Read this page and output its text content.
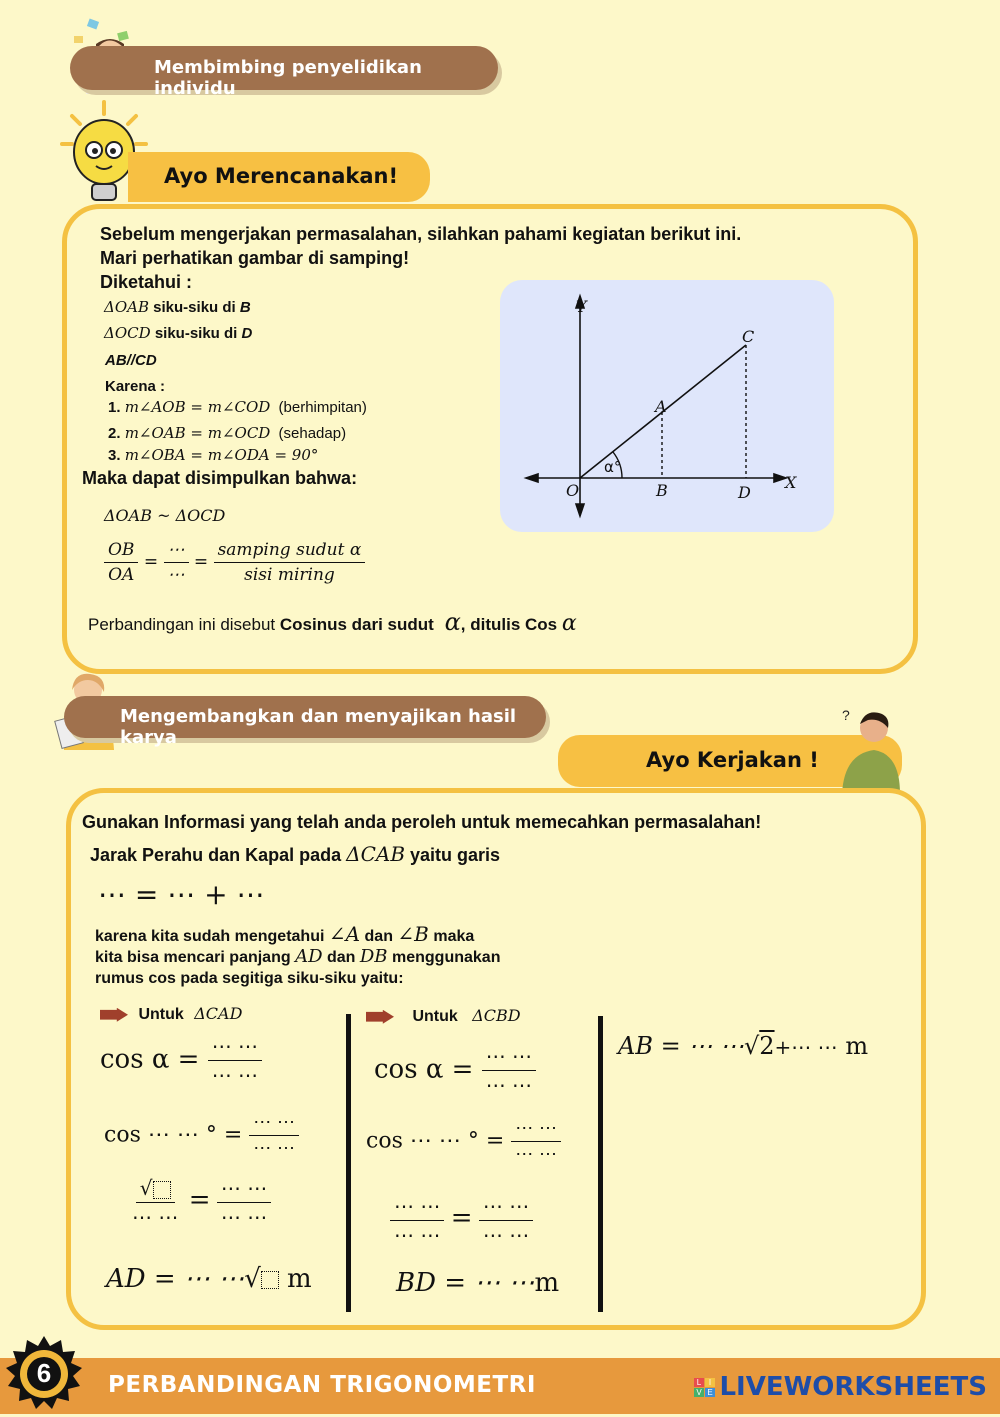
Membimbing penyelidikan individu
Ayo Merencanakan!
Sebelum mengerjakan permasalahan, silahkan pahami kegiatan berikut ini.
Mari perhatikan gambar di samping!
Diketahui :
ΔOAB siku-siku di B
ΔOCD siku-siku di D
AB//CD
Karena :
1. m∠AOB = m∠COD (berhimpitan)
2. m∠OAB = m∠OCD (sehadap)
3. m∠OBA = m∠ODA = 90°
Maka dapat disimpulkan bahwa:
ΔOAB ~ ΔOCD
$\frac{OB}{OA} = \frac{\cdots}{\cdots} = \frac{\text{samping sudut α}}{\text{sisi miring}}$
Perbandingan ini disebut Cosinus dari sudut α, ditulis Cos α
Y
X
O
A
B
C
D
α°
Mengembangkan dan menyajikan hasil karya
Ayo Kerjakan !
?
Gunakan Informasi yang telah anda peroleh untuk memecahkan permasalahan!
Jarak Perahu dan Kapal pada ΔCAB yaitu garis
⋯ = ⋯ + ⋯
karena kita sudah mengetahui ∠A dan ∠B maka
kita bisa mencari panjang AD dan DB menggunakan
rumus cos pada segitiga siku-siku yaitu:
Untuk ΔCAD
$\cos \alpha = \frac{\cdots \cdots}{\cdots \cdots}$
cos ⋯ ⋯ ° = $\frac{\cdots \cdots}{\cdots \cdots}$
$\frac{√}{\cdots \cdots} = \frac{\cdots \cdots}{\cdots \cdots}$
AD = ⋯ ⋯√ m
Untuk ΔCBD
$\cos \alpha = \frac{\cdots \cdots}{\cdots \cdots}$
cos ⋯ ⋯ ° = $\frac{\cdots \cdots}{\cdots \cdots}$
$\frac{\cdots \cdots}{\cdots \cdots} = \frac{\cdots \cdots}{\cdots \cdots}$
BD = ⋯ ⋯m
AB = ⋯ ⋯√2+⋯ ⋯ m
6	PERBANDINGAN TRIGONOMETRI	L I
V E LIVEWORKSHEETS
